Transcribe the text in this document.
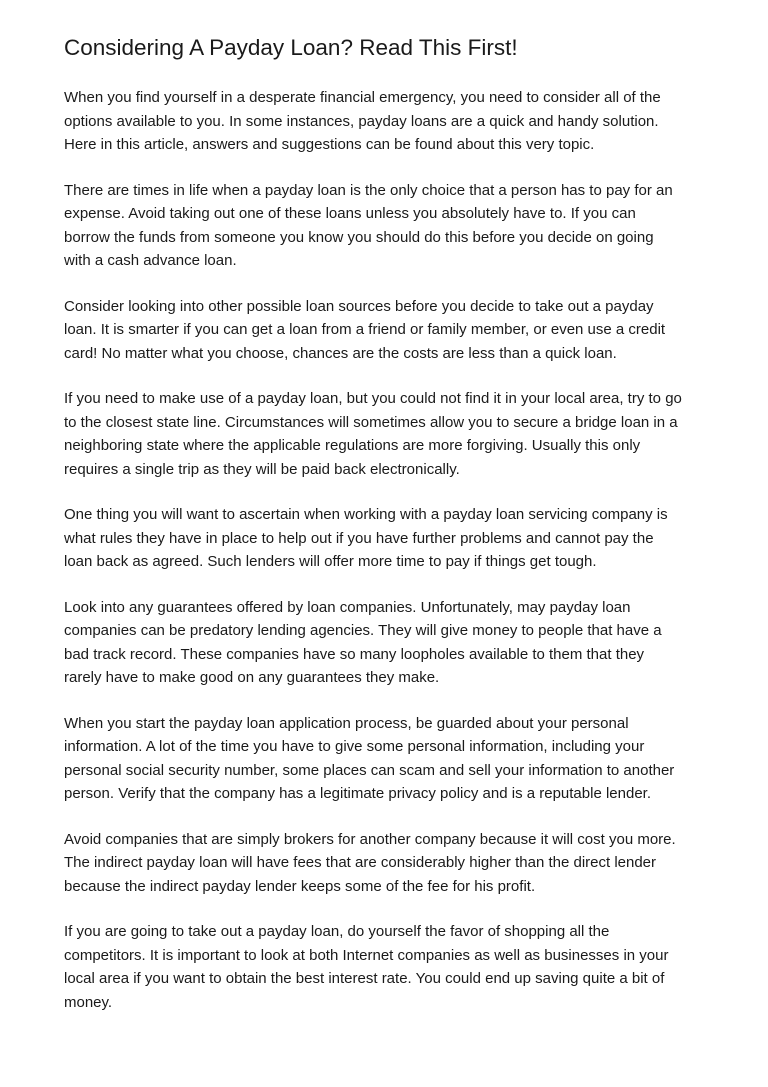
Considering A Payday Loan? Read This First!

When you find yourself in a desperate financial emergency, you need to consider all of the
options available to you. In some instances, payday loans are a quick and handy solution.
Here in this article, answers and suggestions can be found about this very topic.

There are times in life when a payday loan is the only choice that a person has to pay for an
expense. Avoid taking out one of these loans unless you absolutely have to. If you can
borrow the funds from someone you know you should do this before you decide on going
with a cash advance loan.

Consider looking into other possible loan sources before you decide to take out a payday
loan. It is smarter if you can get a loan from a friend or family member, or even use a credit
card! No matter what you choose, chances are the costs are less than a quick loan.

If you need to make use of a payday loan, but you could not find it in your local area, try to go
to the closest state line. Circumstances will sometimes allow you to secure a bridge loan in a
neighboring state where the applicable regulations are more forgiving. Usually this only
requires a single trip as they will be paid back electronically.

One thing you will want to ascertain when working with a payday loan servicing company is
what rules they have in place to help out if you have further problems and cannot pay the
loan back as agreed. Such lenders will offer more time to pay if things get tough.

Look into any guarantees offered by loan companies. Unfortunately, may payday loan
companies can be predatory lending agencies. They will give money to people that have a
bad track record. These companies have so many loopholes available to them that they
rarely have to make good on any guarantees they make.

When you start the payday loan application process, be guarded about your personal
information. A lot of the time you have to give some personal information, including your
personal social security number, some places can scam and sell your information to another
person. Verify that the company has a legitimate privacy policy and is a reputable lender.

Avoid companies that are simply brokers for another company because it will cost you more.
The indirect payday loan will have fees that are considerably higher than the direct lender
because the indirect payday lender keeps some of the fee for his profit.

If you are going to take out a payday loan, do yourself the favor of shopping all the
competitors. It is important to look at both Internet companies as well as businesses in your
local area if you want to obtain the best interest rate. You could end up saving quite a bit of
money.
